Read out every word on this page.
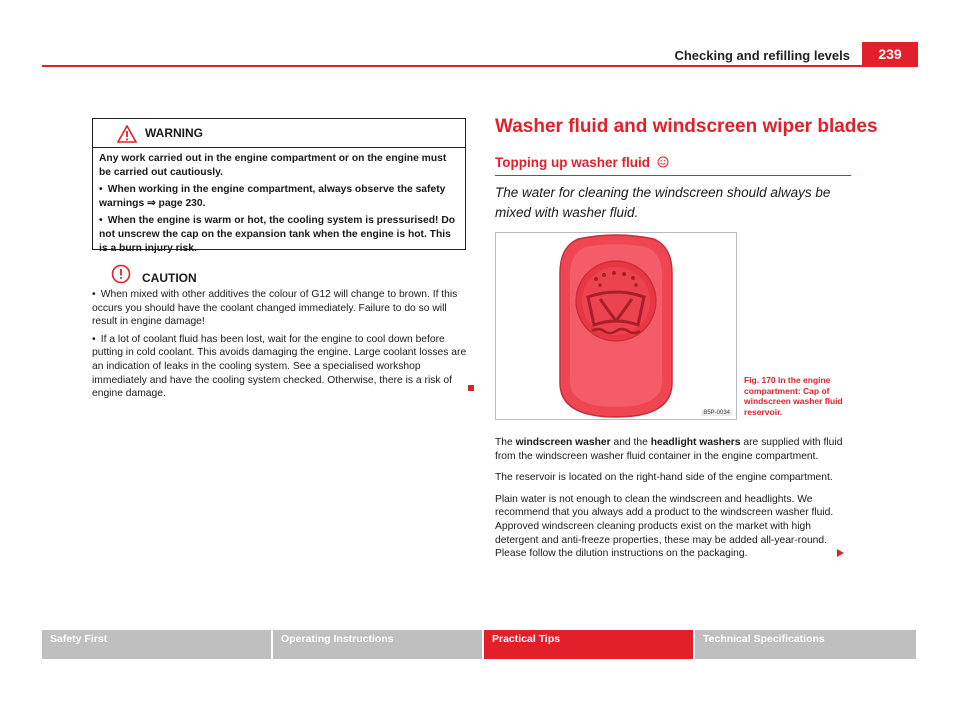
Checking and refilling levels	239
WARNING

Any work carried out in the engine compartment or on the engine must be carried out cautiously.

• When working in the engine compartment, always observe the safety warnings ⇒ page 230.

• When the engine is warm or hot, the cooling system is pressurised! Do not unscrew the cap on the expansion tank when the engine is hot. This is a burn injury risk.

CAUTION

• When mixed with other additives the colour of G12 will change to brown. If this occurs you should have the coolant changed immediately. Failure to do so will result in engine damage!

• If a lot of coolant fluid has been lost, wait for the engine to cool down before putting in cold coolant. This avoids damaging the engine. Large coolant losses are an indication of leaks in the cooling system. See a specialised workshop immediately and have the cooling system checked. Otherwise, there is a risk of engine damage.

Washer fluid and windscreen wiper blades
Topping up washer fluid
The water for cleaning the windscreen should always be mixed with washer fluid.
B5P-0034
Fig. 170 In the engine compartment: Cap of windscreen washer fluid reservoir.

The windscreen washer and the headlight washers are supplied with fluid from the windscreen washer fluid container in the engine compartment.

The reservoir is located on the right-hand side of the engine compartment.

Plain water is not enough to clean the windscreen and headlights. We recommend that you always add a product to the windscreen washer fluid. Approved windscreen cleaning products exist on the market with high detergent and anti-freeze properties, these may be added all-year-round. Please follow the dilution instructions on the packaging.

Safety First	Operating Instructions	Practical Tips	Technical Specifications
